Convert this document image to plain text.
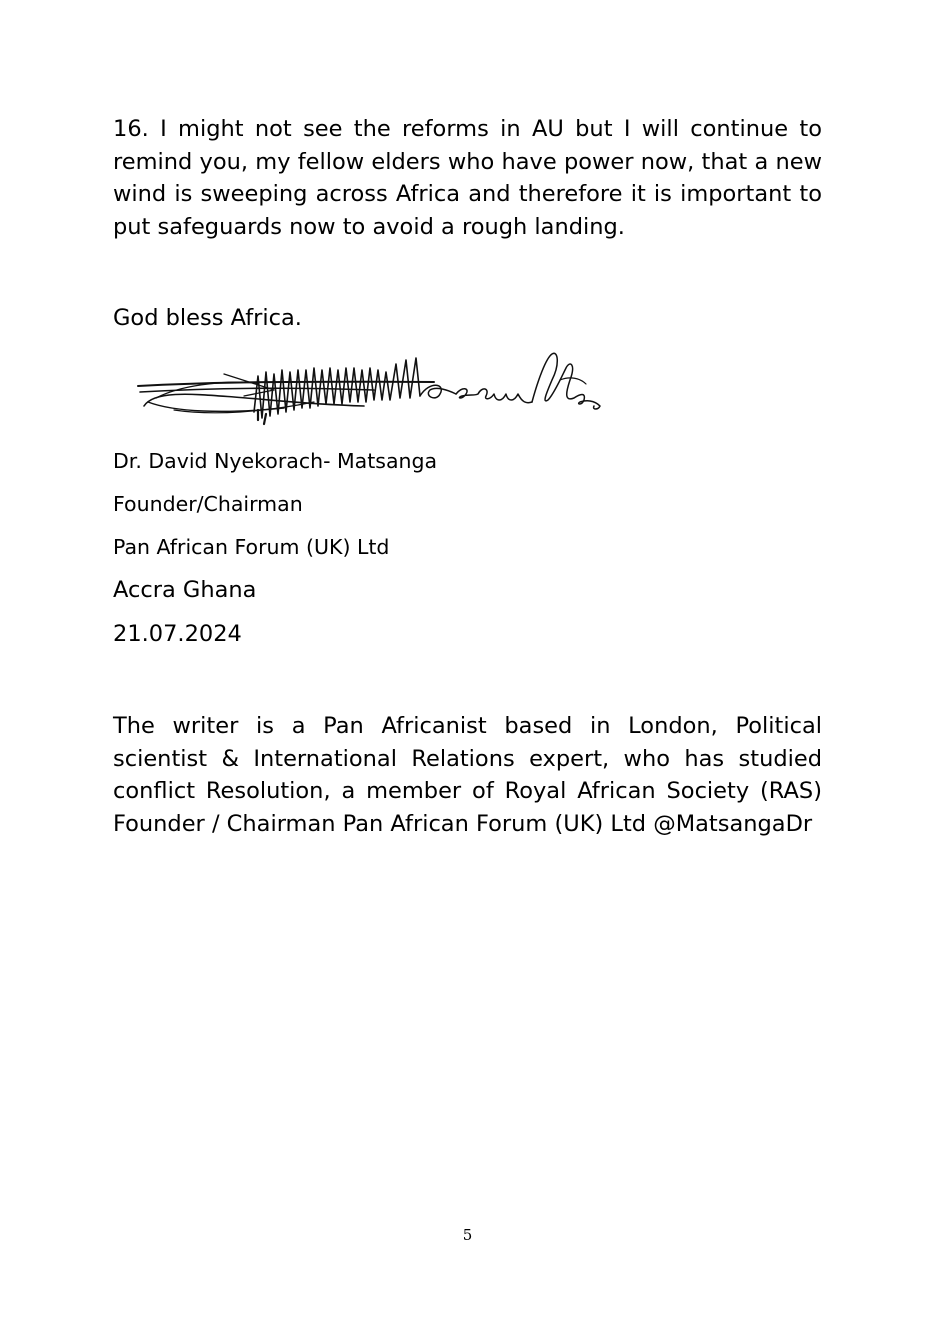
16. I might not see the reforms in AU but I will continue to remind you, my fellow elders who have power now, that a new wind is sweeping across Africa and therefore it is important to put safeguards now to avoid a rough landing.

God bless Africa.

Dr. David Nyekorach- Matsanga

Founder/Chairman

Pan African Forum (UK) Ltd

Accra Ghana

21.07.2024

The writer is a Pan Africanist based in London, Political scientist & International Relations expert, who has studied conflict Resolution, a member of Royal African Society (RAS) Founder / Chairman Pan African Forum (UK) Ltd @MatsangaDr

5
